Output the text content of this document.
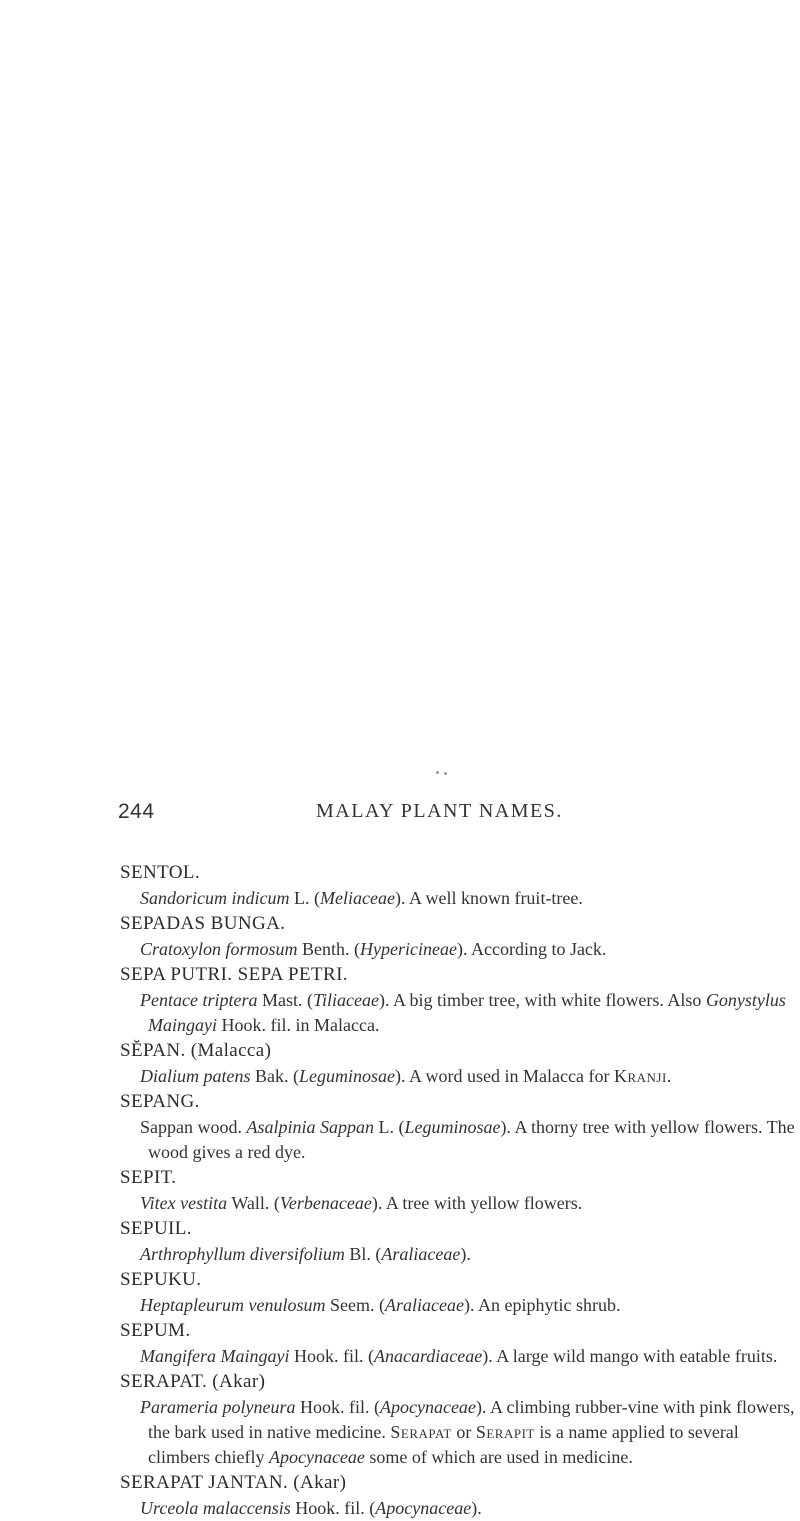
244	MALAY PLANT NAMES.
SENTOL.
Sandoricum indicum L. (Meliaceae). A well known fruit-tree.
SEPADAS BUNGA.
Cratoxylon formosum Benth. (Hypericineae). According to Jack.
SEPA PUTRI. SEPA PETRI.
Pentace triptera Mast. (Tiliaceae). A big timber tree, with white flowers. Also Gonystylus Maingayi Hook. fil. in Malacca.
SĔPAN. (Malacca)
Dialium patens Bak. (Leguminosae). A word used in Malacca for Kranji.
SEPANG.
Sappan wood. Asalpinia Sappan L. (Leguminosae). A thorny tree with yellow flowers. The wood gives a red dye.
SEPIT.
Vitex vestita Wall. (Verbenaceae). A tree with yellow flowers.
SEPUIL.
Arthrophyllum diversifolium Bl. (Araliaceae).
SEPUKU.
Heptapleurum venulosum Seem. (Araliaceae). An epiphytic shrub.
SEPUM.
Mangifera Maingayi Hook. fil. (Anacardiaceae). A large wild mango with eatable fruits.
SERAPAT. (Akar)
Parameria polyneura Hook. fil. (Apocynaceae). A climbing rubber-vine with pink flowers, the bark used in native medicine. Serapat or Serapit is a name applied to several climbers chiefly Apocynaceae some of which are used in medicine.
SERAPAT JANTAN. (Akar)
Urceola malaccensis Hook. fil. (Apocynaceae).
